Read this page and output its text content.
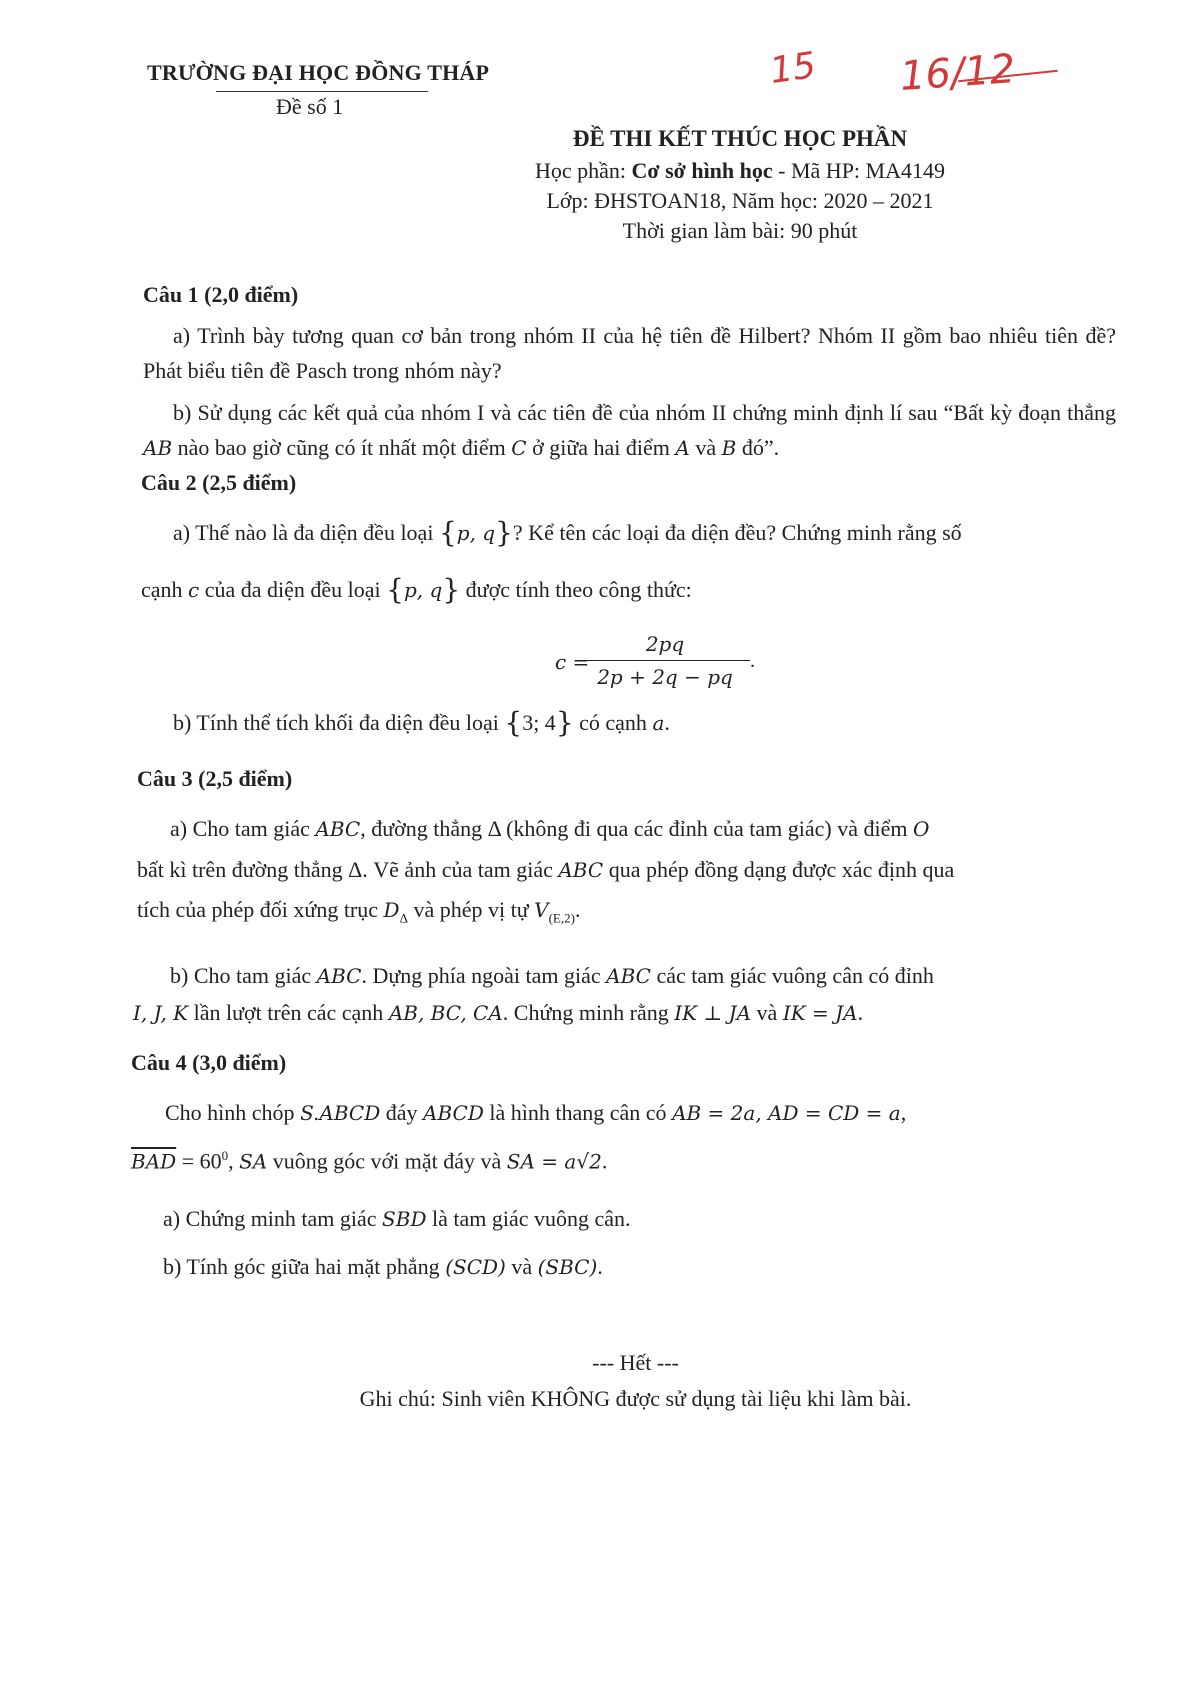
TRƯỜNG ĐẠI HỌC ĐỒNG THÁP
Đề số 1
15 16/12
ĐỀ THI KẾT THÚC HỌC PHẦN
Học phần: Cơ sở hình học - Mã HP: MA4149
Lớp: ĐHSTOAN18, Năm học: 2020 – 2021
Thời gian làm bài: 90 phút
Câu 1 (2,0 điểm)
a) Trình bày tương quan cơ bản trong nhóm II của hệ tiên đề Hilbert? Nhóm II gồm bao nhiêu tiên đề? Phát biểu tiên đề Pasch trong nhóm này?
b) Sử dụng các kết quả của nhóm I và các tiên đề của nhóm II chứng minh định lí sau “Bất kỳ đoạn thẳng AB nào bao giờ cũng có ít nhất một điểm C ở giữa hai điểm A và B đó”.
Câu 2 (2,5 điểm)
a) Thế nào là đa diện đều loại {p, q}? Kể tên các loại đa diện đều? Chứng minh rằng số
cạnh c của đa diện đều loại {p, q} được tính theo công thức:
c =
2pq
2p + 2q − pq
.
b) Tính thể tích khối đa diện đều loại {3; 4} có cạnh a.
Câu 3 (2,5 điểm)
a) Cho tam giác ABC, đường thẳng Δ (không đi qua các đỉnh của tam giác) và điểm O
bất kì trên đường thẳng Δ. Vẽ ảnh của tam giác ABC qua phép đồng dạng được xác định qua
tích của phép đối xứng trục $D_\Delta$ và phép vị tự $V_{(E,2)}$.
b) Cho tam giác ABC. Dựng phía ngoài tam giác ABC các tam giác vuông cân có đỉnh
I, J, K lần lượt trên các cạnh AB, BC, CA. Chứng minh rằng IK ⊥ JA và IK = JA.
Câu 4 (3,0 điểm)
Cho hình chóp S.ABCD đáy ABCD là hình thang cân có AB = 2a, AD = CD = a,
$\overline{BAD} = 60^0$, SA vuông góc với mặt đáy và SA = a√2.
a) Chứng minh tam giác SBD là tam giác vuông cân.
b) Tính góc giữa hai mặt phẳng (SCD) và (SBC).
--- Hết ---
Ghi chú: Sinh viên KHÔNG được sử dụng tài liệu khi làm bài.
